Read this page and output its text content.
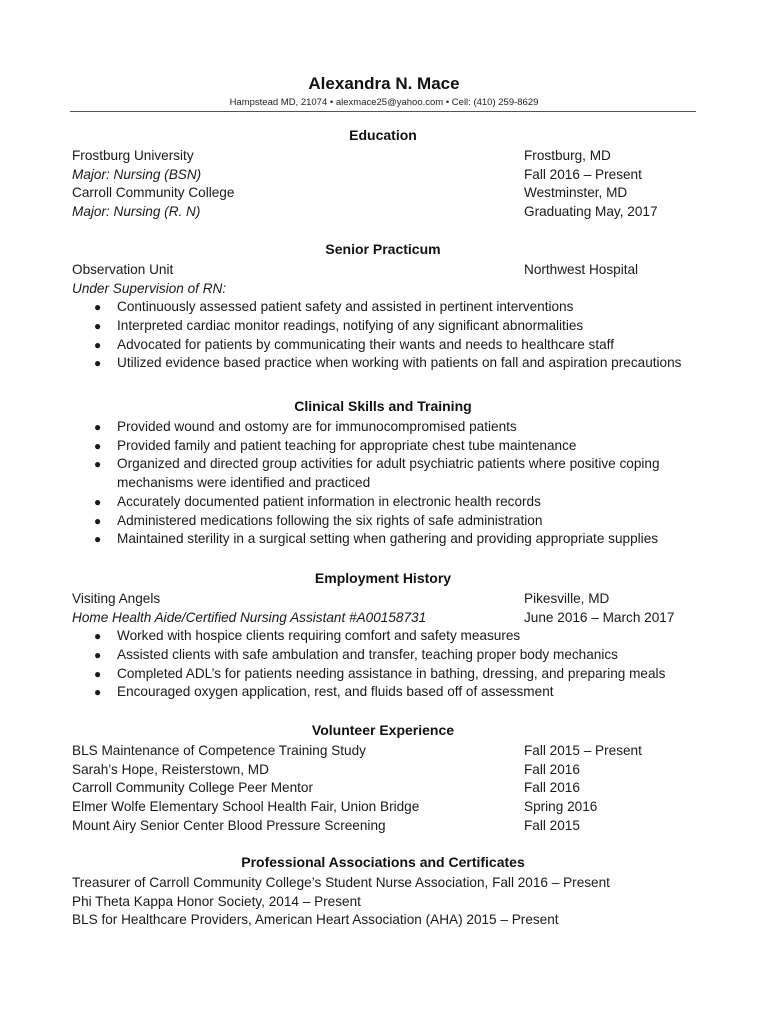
Alexandra N. Mace
Hampstead MD, 21074 • alexmace25@yahoo.com • Cell: (410) 259-8629
Education
Frostburg University	Frostburg, MD
Major: Nursing (BSN)	Fall 2016 – Present
Carroll Community College	Westminster, MD
Major: Nursing (R. N)	Graduating May, 2017
Senior Practicum
Observation Unit	Northwest Hospital
Under Supervision of RN:
● Continuously assessed patient safety and assisted in pertinent interventions
● Interpreted cardiac monitor readings, notifying of any significant abnormalities
● Advocated for patients by communicating their wants and needs to healthcare staff
● Utilized evidence based practice when working with patients on fall and aspiration precautions
Clinical Skills and Training
● Provided wound and ostomy are for immunocompromised patients
● Provided family and patient teaching for appropriate chest tube maintenance
● Organized and directed group activities for adult psychiatric patients where positive coping mechanisms were identified and practiced
● Accurately documented patient information in electronic health records
● Administered medications following the six rights of safe administration
● Maintained sterility in a surgical setting when gathering and providing appropriate supplies
Employment History
Visiting Angels	Pikesville, MD
Home Health Aide/Certified Nursing Assistant #A00158731	June 2016 – March 2017
● Worked with hospice clients requiring comfort and safety measures
● Assisted clients with safe ambulation and transfer, teaching proper body mechanics
● Completed ADL’s for patients needing assistance in bathing, dressing, and preparing meals
● Encouraged oxygen application, rest, and fluids based off of assessment
Volunteer Experience
BLS Maintenance of Competence Training Study	Fall 2015 – Present
Sarah’s Hope, Reisterstown, MD	Fall 2016
Carroll Community College Peer Mentor	Fall 2016
Elmer Wolfe Elementary School Health Fair, Union Bridge	Spring 2016
Mount Airy Senior Center Blood Pressure Screening	Fall 2015
Professional Associations and Certificates
Treasurer of Carroll Community College’s Student Nurse Association, Fall 2016 – Present
Phi Theta Kappa Honor Society, 2014 – Present
BLS for Healthcare Providers, American Heart Association (AHA) 2015 – Present
